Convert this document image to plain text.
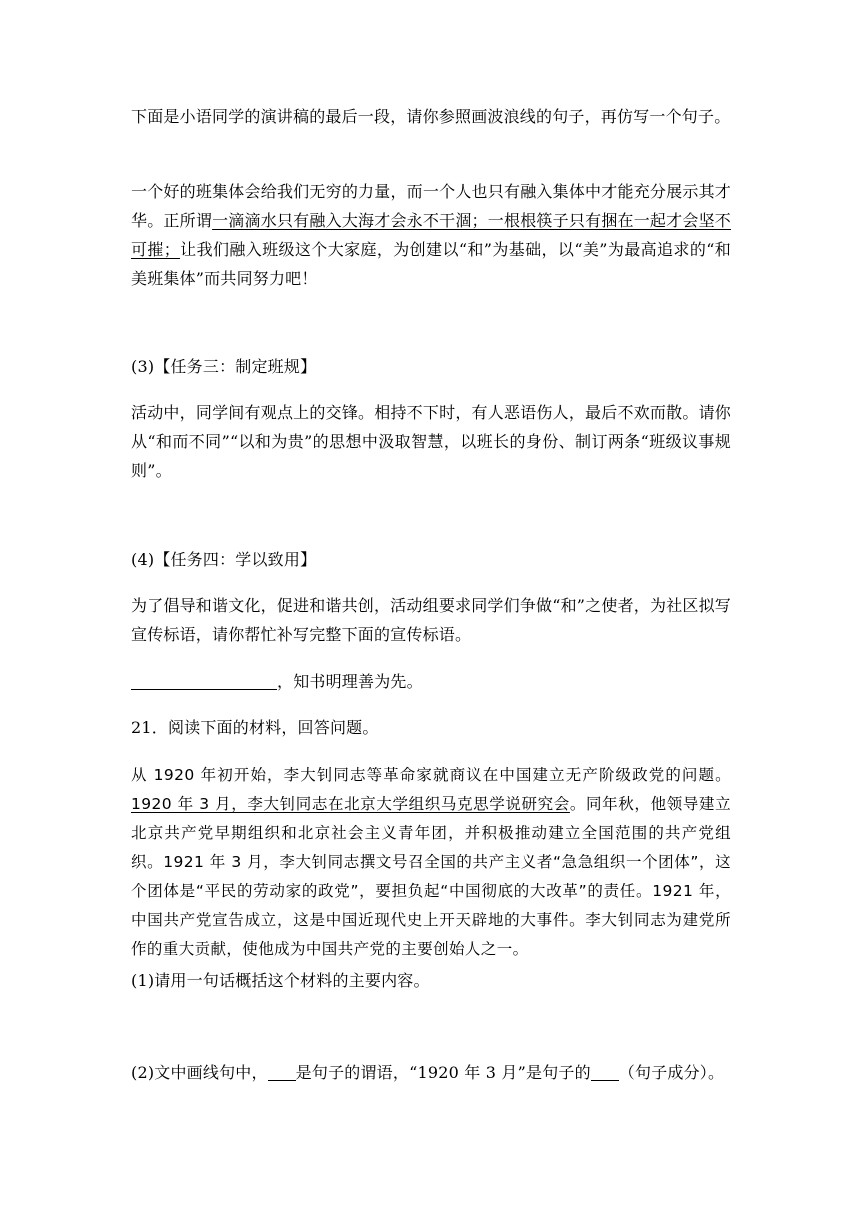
下面是小语同学的演讲稿的最后一段，请你参照画波浪线的句子，再仿写一个句子。
一个好的班集体会给我们无穷的力量，而一个人也只有融入集体中才能充分展示其才华。正所谓一滴滴水只有融入大海才会永不干涸；一根根筷子只有捆在一起才会坚不可摧；让我们融入班级这个大家庭，为创建以“和”为基础，以“美”为最高追求的“和美班集体”而共同努力吧！
(3)【任务三：制定班规】
活动中，同学间有观点上的交锋。相持不下时，有人恶语伤人，最后不欢而散。请你从“和而不同”“以和为贵”的思想中汲取智慧，以班长的身份、制订两条“班级议事规则”。
(4)【任务四：学以致用】
为了倡导和谐文化，促进和谐共创，活动组要求同学们争做“和”之使者，为社区拟写宣传标语，请你帮忙补写完整下面的宣传标语。
，知书明理善为先。
21．阅读下面的材料，回答问题。
从 1920 年初开始，李大钊同志等革命家就商议在中国建立无产阶级政党的问题。1920 年 3 月，李大钊同志在北京大学组织马克思学说研究会。同年秋，他领导建立北京共产党早期组织和北京社会主义青年团，并积极推动建立全国范围的共产党组织。1921 年 3 月，李大钊同志撰文号召全国的共产主义者“急急组织一个团体”，这个团体是“平民的劳动家的政党”，要担负起“中国彻底的大改革”的责任。1921 年，中国共产党宣告成立，这是中国近现代史上开天辟地的大事件。李大钊同志为建党所作的重大贡献，使他成为中国共产党的主要创始人之一。
(1)请用一句话概括这个材料的主要内容。
(2)文中画线句中， 是句子的谓语，“1920 年 3 月”是句子的 （句子成分）。
